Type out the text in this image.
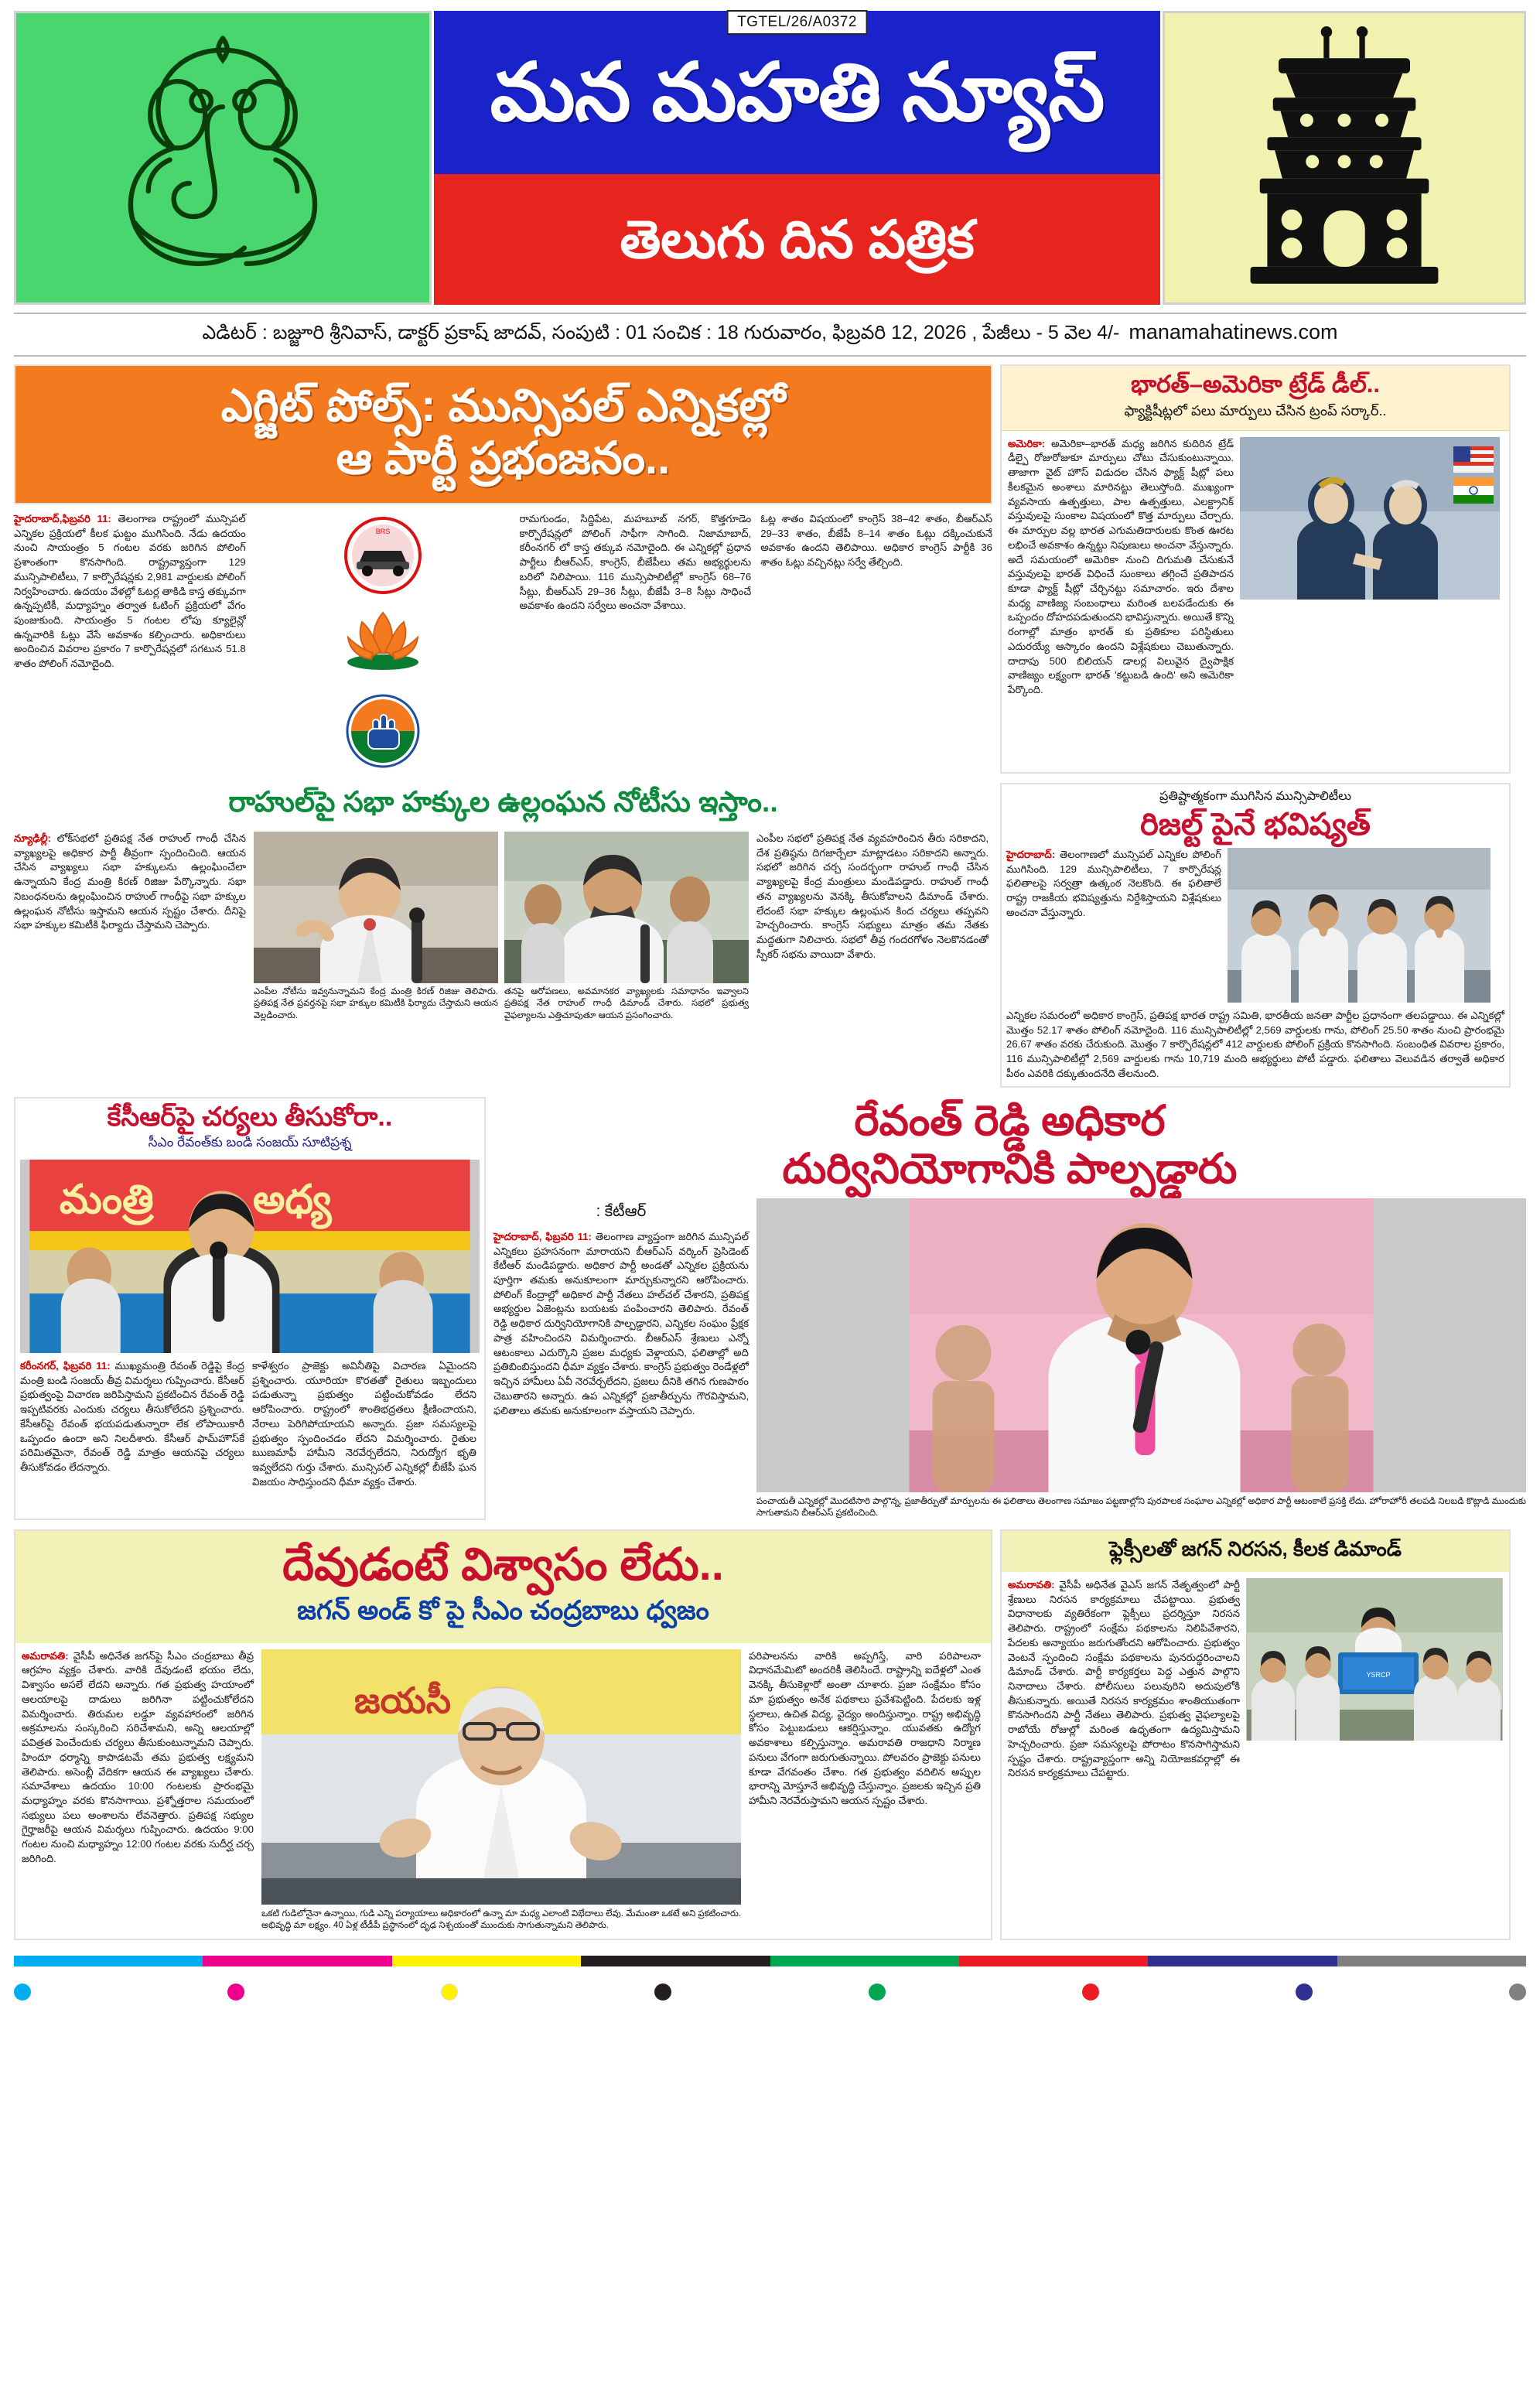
TGTEL/26/A0372
మన మహతి న్యూస్
తెలుగు దిన పత్రిక
ఎడిటర్ : బజ్జూరి శ్రీనివాస్, డాక్టర్ ప్రకాష్ జాదవ్, సంపుటి : 01 సంచిక : 18 గురువారం, ఫిబ్రవరి 12, 2026 , పేజీలు - 5 వెల 4/- manamahatinews.com
ఎగ్జిట్ పోల్స్: మున్సిపల్ ఎన్నికల్లో
ఆ పార్టీ ప్రభంజనం..
హైదరాబాద్,ఫిబ్రవరి 11: తెలంగాణ రాష్ట్రంలో మున్సిపల్ ఎన్నికల ప్రక్రియలో కీలక ఘట్టం ముగిసింది. నేడు ఉదయం నుంచి సాయంత్రం 5 గంటల వరకు జరిగిన పోలింగ్ ప్రశాంతంగా కొనసాగింది. రాష్ట్రవ్యాప్తంగా 129 మున్సిపాలిటీలు, 7 కార్పొరేషన్లకు 2,981 వార్డులకు పోలింగ్ నిర్వహించారు. ఉదయం వేళల్లో ఓటర్ల తాకిడి కాస్త తక్కువగా ఉన్నప్పటికీ, మధ్యాహ్నం తర్వాత ఓటింగ్ ప్రక్రియలో వేగం పుంజుకుంది. సాయంత్రం 5 గంటల లోపు క్యూలైన్లో ఉన్నవారికి ఓట్లు వేసే అవకాశం కల్పించారు. అధికారులు అందించిన వివరాల ప్రకారం 7 కార్పొరేషన్లలో సగటున 51.8 శాతం పోలింగ్ నమోదైంది.
BRS
రామగుండం, సిద్దిపేట, మహబూబ్ నగర్, కొత్తగూడెం కార్పొరేషన్లలో పోలింగ్ సాఫీగా సాగింది. నిజామాబాద్, కరీంనగర్ లో కాస్త తక్కువ నమోదైంది. ఈ ఎన్నికల్లో ప్రధాన పార్టీలు బీఆర్ఎస్, కాంగ్రెస్, బీజేపీలు తమ అభ్యర్థులను బరిలో నిలిపాయి. 116 మున్సిపాలిటీల్లో కాంగ్రెస్ 68–76 సీట్లు, బీఆర్ఎస్ 29–36 సీట్లు, బీజేపీ 3–8 సీట్లు సాధించే అవకాశం ఉందని సర్వేలు అంచనా వేశాయి.
ఓట్ల శాతం విషయంలో కాంగ్రెస్ 38–42 శాతం, బీఆర్ఎస్ 29–33 శాతం, బీజేపీ 8–14 శాతం ఓట్లు దక్కించుకునే అవకాశం ఉందని తెలిపాయి. అధికార కాంగ్రెస్ పార్టీకి 36 శాతం ఓట్లు వచ్చినట్లు సర్వే తేల్చింది.
భారత్–అమెరికా ట్రేడ్ డీల్..
ఫ్యాక్టిషీట్లలో పలు మార్పులు చేసిన ట్రంప్ సర్కార్..
అమెరికా: అమెరికా–భారత్ మధ్య జరిగిన కుదిరిన ట్రేడ్ డీల్పై రోజురోజుకూ మార్పులు చోటు చేసుకుంటున్నాయి. తాజాగా వైట్ హౌస్ విడుదల చేసిన ఫ్యాక్ట్ షీట్లో పలు కీలకమైన అంశాలు మారినట్టు తెలుస్తోంది. ముఖ్యంగా వ్యవసాయ ఉత్పత్తులు, పాల ఉత్పత్తులు, ఎలక్ట్రానిక్ వస్తువులపై సుంకాల విషయంలో కొత్త మార్పులు చేర్చారు. ఈ మార్పుల వల్ల భారత ఎగుమతిదారులకు కొంత ఊరట లభించే అవకాశం ఉన్నట్టు నిపుణులు అంచనా వేస్తున్నారు. అదే సమయంలో అమెరికా నుంచి దిగుమతి చేసుకునే వస్తువులపై భారత్ విధించే సుంకాలు తగ్గించే ప్రతిపాదన కూడా ఫ్యాక్ట్ షీట్లో చేర్చినట్టు సమాచారం. ఇరు దేశాల మధ్య వాణిజ్య సంబంధాలు మరింత బలపడేందుకు ఈ ఒప్పందం దోహదపడుతుందని భావిస్తున్నారు. అయితే కొన్ని రంగాల్లో మాత్రం భారత్ కు ప్రతికూల పరిస్థితులు ఎదురయ్యే ఆస్కారం ఉందని విశ్లేషకులు చెబుతున్నారు. దాదాపు 500 బిలియన్ డాలర్ల విలువైన ద్వైపాక్షిక వాణిజ్యం లక్ష్యంగా భారత్ 'కట్టుబడి ఉంది' అని అమెరికా పేర్కొంది.
రాహుల్‌పై సభా హక్కుల ఉల్లంఘన నోటీసు ఇస్తాం..
న్యూఢిల్లీ: లోక్‌సభలో ప్రతిపక్ష నేత రాహుల్ గాంధీ చేసిన వ్యాఖ్యలపై అధికార పార్టీ తీవ్రంగా స్పందించింది. ఆయన చేసిన వ్యాఖ్యలు సభా హక్కులను ఉల్లంఘించేలా ఉన్నాయని కేంద్ర మంత్రి కిరణ్ రిజిజు పేర్కొన్నారు. సభా నిబంధనలను ఉల్లంఘించిన రాహుల్ గాంధీపై సభా హక్కుల ఉల్లంఘన నోటీసు ఇస్తామని ఆయన స్పష్టం చేశారు. దీనిపై సభా హక్కుల కమిటీకి ఫిర్యాదు చేస్తామని చెప్పారు.
ఎంపీల నోటీసు ఇవ్వనున్నామని కేంద్ర మంత్రి కిరణ్ రిజిజు తెలిపారు. ప్రతిపక్ష నేత ప్రవర్తనపై సభా హక్కుల కమిటీకి ఫిర్యాదు చేస్తామని ఆయన వెల్లడించారు.
తనపై ఆరోపణలు, అవమానకర వ్యాఖ్యలకు సమాధానం ఇవ్వాలని ప్రతిపక్ష నేత రాహుల్ గాంధీ డిమాండ్ చేశారు. సభలో ప్రభుత్వ వైఫల్యాలను ఎత్తిచూపుతూ ఆయన ప్రసంగించారు.
ఎంపీల సభలో ప్రతిపక్ష నేత వ్యవహరించిన తీరు సరికాదని, దేశ ప్రతిష్ఠను దిగజార్చేలా మాట్లాడటం సరికాదని అన్నారు. సభలో జరిగిన చర్చ సందర్భంగా రాహుల్ గాంధీ చేసిన వ్యాఖ్యలపై కేంద్ర మంత్రులు మండిపడ్డారు. రాహుల్ గాంధీ తన వ్యాఖ్యలను వెనక్కి తీసుకోవాలని డిమాండ్ చేశారు. లేదంటే సభా హక్కుల ఉల్లంఘన కింద చర్యలు తప్పవని హెచ్చరించారు. కాంగ్రెస్ సభ్యులు మాత్రం తమ నేతకు మద్దతుగా నిలిచారు. సభలో తీవ్ర గందరగోళం నెలకొనడంతో స్పీకర్ సభను వాయిదా వేశారు.
ప్రతిష్టాత్మకంగా ముగిసిన మున్సిపాలిటీలు
రిజల్ట్ పైనే భవిష్యత్
హైదరాబాద్: తెలంగాణలో మున్సిపల్ ఎన్నికల పోలింగ్ ముగిసింది. 129 మున్సిపాలిటీలు, 7 కార్పొరేషన్ల ఫలితాలపై సర్వత్రా ఉత్కంఠ నెలకొంది. ఈ ఫలితాలే రాష్ట్ర రాజకీయ భవిష్యత్తును నిర్దేశిస్తాయని విశ్లేషకులు అంచనా వేస్తున్నారు.
ఎన్నికల సమరంలో అధికార కాంగ్రెస్, ప్రతిపక్ష భారత రాష్ట్ర సమితి, భారతీయ జనతా పార్టీల ప్రధానంగా తలపడ్డాయి. ఈ ఎన్నికల్లో మొత్తం 52.17 శాతం పోలింగ్ నమోదైంది. 116 మున్సిపాలిటీల్లో 2,569 వార్డులకు గాను, పోలింగ్ 25.50 శాతం నుంచి ప్రారంభమై 26.67 శాతం వరకు చేరుకుంది. మొత్తం 7 కార్పొరేషన్లలో 412 వార్డులకు పోలింగ్ ప్రక్రియ కొనసాగింది. సంబంధిత వివరాల ప్రకారం, 116 మున్సిపాలిటీల్లో 2,569 వార్డులకు గాను 10,719 మంది అభ్యర్థులు పోటీ పడ్డారు. ఫలితాలు వెలువడిన తర్వాతే అధికార పీఠం ఎవరికి దక్కుతుందనేది తేలనుంది.
కేసీఆర్‌పై చర్యలు తీసుకోరా..
సీఎం రేవంత్‌కు బండి సంజయ్ సూటిప్రశ్న
మంత్రి అధ్య
కరీంనగర్, ఫిబ్రవరి 11: ముఖ్యమంత్రి రేవంత్ రెడ్డిపై కేంద్ర మంత్రి బండి సంజయ్ తీవ్ర విమర్శలు గుప్పించారు. కేసీఆర్ ప్రభుత్వంపై విచారణ జరిపిస్తామని ప్రకటించిన రేవంత్ రెడ్డి ఇప్పటివరకు ఎందుకు చర్యలు తీసుకోలేదని ప్రశ్నించారు. కేసీఆర్‌పై రేవంత్ భయపడుతున్నారా లేక లోపాయికారీ ఒప్పందం ఉందా అని నిలదీశారు. కేసీఆర్ ఫామ్‌హౌస్‌కే పరిమితమైనా, రేవంత్ రెడ్డి మాత్రం ఆయనపై చర్యలు తీసుకోవడం లేదన్నారు.
కాళేశ్వరం ప్రాజెక్టు అవినీతిపై విచారణ ఏమైందని ప్రశ్నించారు. యూరియా కొరతతో రైతులు ఇబ్బందులు పడుతున్నా ప్రభుత్వం పట్టించుకోవడం లేదని ఆరోపించారు. రాష్ట్రంలో శాంతిభద్రతలు క్షీణించాయని, నేరాలు పెరిగిపోయాయని అన్నారు. ప్రజా సమస్యలపై ప్రభుత్వం స్పందించడం లేదని విమర్శించారు. రైతుల ఋణమాఫీ హామీని నెరవేర్చలేదని, నిరుద్యోగ భృతి ఇవ్వలేదని గుర్తు చేశారు. మున్సిపల్ ఎన్నికల్లో బీజేపీ ఘన విజయం సాధిస్తుందని ధీమా వ్యక్తం చేశారు.
రేవంత్ రెడ్డి అధికార
దుర్వినియోగానికి పాల్పడ్డారు
: కేటీఆర్
హైదరాబాద్, ఫిబ్రవరి 11: తెలంగాణ వ్యాప్తంగా జరిగిన మున్సిపల్ ఎన్నికలు ప్రహసనంగా మారాయని బీఆర్ఎస్ వర్కింగ్ ప్రెసిడెంట్ కేటీఆర్ మండిపడ్డారు. అధికార పార్టీ అండతో ఎన్నికల ప్రక్రియను పూర్తిగా తమకు అనుకూలంగా మార్చుకున్నారని ఆరోపించారు. పోలింగ్ కేంద్రాల్లో అధికార పార్టీ నేతలు హల్‌చల్ చేశారని, ప్రతిపక్ష అభ్యర్థుల ఏజెంట్లను బయటకు పంపించారని తెలిపారు. రేవంత్ రెడ్డి అధికార దుర్వినియోగానికి పాల్పడ్డారని, ఎన్నికల సంఘం ప్రేక్షక పాత్ర వహించిందని విమర్శించారు. బీఆర్ఎస్ శ్రేణులు ఎన్నో ఆటంకాలు ఎదుర్కొని ప్రజల మధ్యకు వెళ్లాయని, ఫలితాల్లో అది ప్రతిబింబిస్తుందని ధీమా వ్యక్తం చేశారు. కాంగ్రెస్ ప్రభుత్వం రెండేళ్లలో ఇచ్చిన హామీలు ఏవీ నెరవేర్చలేదని, ప్రజలు దీనికి తగిన గుణపాఠం చెబుతారని అన్నారు. ఉప ఎన్నికల్లో ప్రజాతీర్పును గౌరవిస్తామని, ఫలితాలు తమకు అనుకూలంగా వస్తాయని చెప్పారు.
పంచాయతీ ఎన్నికల్లో మొదటిసారి పాల్గొన్న, ప్రజాతీర్పుతో మార్పులను ఈ ఫలితాలు తెలంగాణ సమాజం పట్టణాల్లోని పురపాలక సంఘాల ఎన్నికల్లో అధికార పార్టీ ఆటంకాలే ప్రసక్తి లేదు. హోరాహోరీ తలపడి నిలబడి కొట్లాడి ముందుకు సాగుతామని బీఆర్ఎస్ ప్రకటించింది.
దేవుడంటే విశ్వాసం లేదు..
జగన్ అండ్ కో పై సీఎం చంద్రబాబు ధ్వజం
అమరావతి: వైసీపీ అధినేత జగన్‌పై సీఎం చంద్రబాబు తీవ్ర ఆగ్రహం వ్యక్తం చేశారు. వారికి దేవుడంటే భయం లేదు, విశ్వాసం అసలే లేదని అన్నారు. గత ప్రభుత్వ హయాంలో ఆలయాలపై దాడులు జరిగినా పట్టించుకోలేదని విమర్శించారు. తిరుమల లడ్డూ వ్యవహారంలో జరిగిన అక్రమాలను సంస్కరించి సరిచేశామని, అన్ని ఆలయాల్లో పవిత్రత పెంచేందుకు చర్యలు తీసుకుంటున్నామని చెప్పారు. హిందూ ధర్మాన్ని కాపాడటమే తమ ప్రభుత్వ లక్ష్యమని తెలిపారు. అసెంబ్లీ వేదికగా ఆయన ఈ వ్యాఖ్యలు చేశారు. సమావేశాలు ఉదయం 10:00 గంటలకు ప్రారంభమై మధ్యాహ్నం వరకు కొనసాగాయి. ప్రశ్నోత్తరాల సమయంలో సభ్యులు పలు అంశాలను లేవనెత్తారు. ప్రతిపక్ష సభ్యుల గైర్హాజరీపై ఆయన విమర్శలు గుప్పించారు. ఉదయం 9:00 గంటల నుంచి మధ్యాహ్నం 12:00 గంటల వరకు సుదీర్ఘ చర్చ జరిగింది.
జయసీ
ఒకటి గుడిలోనైనా ఉన్నాయి, గుడి ఎన్ని పర్యాయాలు అధికారంలో ఉన్నా మా మధ్య ఎలాంటి విభేదాలు లేవు. మేమంతా ఒకటే అని ప్రకటించారు. అభివృద్ధి మా లక్ష్యం. 40 ఏళ్ల టీడీపీ ప్రస్థానంలో దృఢ నిశ్చయంతో ముందుకు సాగుతున్నామని తెలిపారు.
పరిపాలనను వారికి అప్పగిస్తే, వారి పరిపాలనా విధానమేమిటో అందరికీ తెలిసిందే. రాష్ట్రాన్ని ఐదేళ్లలో ఎంత వెనక్కి తీసుకెళ్లారో అంతా చూశారు. ప్రజా సంక్షేమం కోసం మా ప్రభుత్వం అనేక పథకాలు ప్రవేశపెట్టింది. పేదలకు ఇళ్ల స్థలాలు, ఉచిత విద్య, వైద్యం అందిస్తున్నాం. రాష్ట్ర అభివృద్ధి కోసం పెట్టుబడులు ఆకర్షిస్తున్నాం. యువతకు ఉద్యోగ అవకాశాలు కల్పిస్తున్నాం. అమరావతి రాజధాని నిర్మాణ పనులు వేగంగా జరుగుతున్నాయి. పోలవరం ప్రాజెక్టు పనులు కూడా వేగవంతం చేశాం. గత ప్రభుత్వం వదిలిన అప్పుల భారాన్ని మోస్తూనే అభివృద్ధి చేస్తున్నాం. ప్రజలకు ఇచ్చిన ప్రతి హామీని నెరవేరుస్తామని ఆయన స్పష్టం చేశారు.
ఫ్లెక్సీలతో జగన్ నిరసన, కీలక డిమాండ్
అమరావతి: వైసీపీ అధినేత వైఎస్ జగన్ నేతృత్వంలో పార్టీ శ్రేణులు నిరసన కార్యక్రమాలు చేపట్టాయి. ప్రభుత్వ విధానాలకు వ్యతిరేకంగా ఫ్లెక్సీలు ప్రదర్శిస్తూ నిరసన తెలిపారు. రాష్ట్రంలో సంక్షేమ పథకాలను నిలిపివేశారని, పేదలకు అన్యాయం జరుగుతోందని ఆరోపించారు. ప్రభుత్వం వెంటనే స్పందించి సంక్షేమ పథకాలను పునరుద్ధరించాలని డిమాండ్ చేశారు. పార్టీ కార్యకర్తలు పెద్ద ఎత్తున పాల్గొని నినాదాలు చేశారు. పోలీసులు పలువురిని అదుపులోకి తీసుకున్నారు. అయితే నిరసన కార్యక్రమం శాంతియుతంగా కొనసాగిందని పార్టీ నేతలు తెలిపారు. ప్రభుత్వ వైఫల్యాలపై రాబోయే రోజుల్లో మరింత ఉధృతంగా ఉద్యమిస్తామని హెచ్చరించారు. ప్రజా సమస్యలపై పోరాటం కొనసాగిస్తామని స్పష్టం చేశారు. రాష్ట్రవ్యాప్తంగా అన్ని నియోజకవర్గాల్లో ఈ నిరసన కార్యక్రమాలు చేపట్టారు.
YSRCP
